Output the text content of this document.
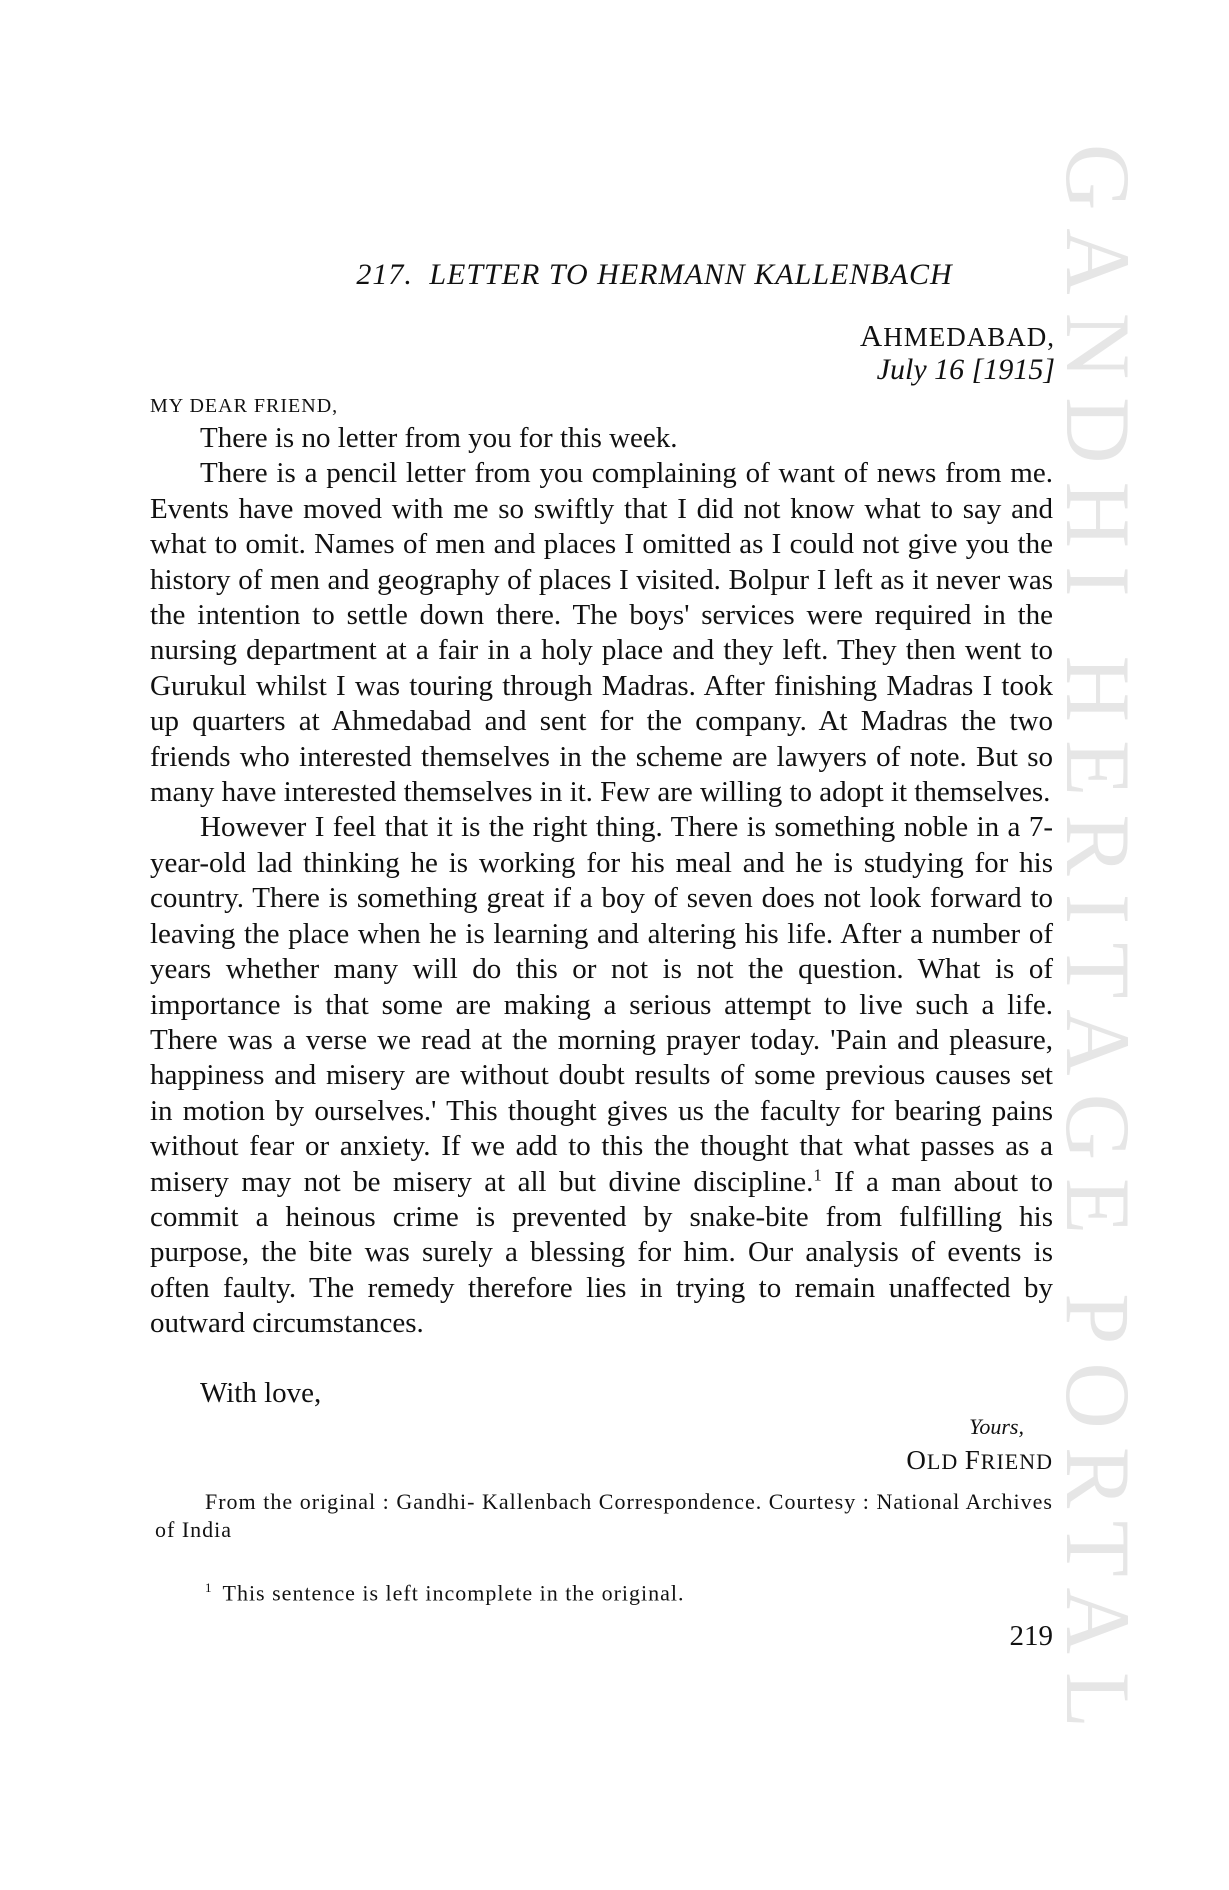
GANDHI HERITAGE PORTAL
217. LETTER TO HERMANN KALLENBACH
AHMEDABAD,
July 16 [1915]
MY DEAR FRIEND,

There is no letter from you for this week.

There is a pencil letter from you complaining of want of news from me. Events have moved with me so swiftly that I did not know what to say and what to omit. Names of men and places I omitted as I could not give you the history of men and geography of places I visited. Bolpur I left as it never was the intention to settle down there. The boys' services were required in the nursing department at a fair in a holy place and they left. They then went to Gurukul whilst I was touring through Madras. After finishing Madras I took up quarters at Ahmedabad and sent for the company. At Madras the two friends who interested themselves in the scheme are lawyers of note. But so many have interested themselves in it. Few are willing to adopt it themselves.

However I feel that it is the right thing. There is something noble in a 7-year-old lad thinking he is working for his meal and he is studying for his country. There is something great if a boy of seven does not look forward to leaving the place when he is learning and altering his life. After a number of years whether many will do this or not is not the question. What is of importance is that some are making a serious attempt to live such a life. There was a verse we read at the morning prayer today. 'Pain and pleasure, happiness and misery are without doubt results of some previous causes set in motion by ourselves.' This thought gives us the faculty for bearing pains without fear or anxiety. If we add to this the thought that what passes as a misery may not be misery at all but divine discipline.$^1$ If a man about to commit a heinous crime is prevented by snake-bite from fulfilling his purpose, the bite was surely a blessing for him. Our analysis of events is often faulty. The remedy therefore lies in trying to remain unaffected by outward circumstances.

With love,
Yours,
OLD FRIEND
From the original : Gandhi- Kallenbach Correspondence. Courtesy : National Archives of India
$^1$ This sentence is left incomplete in the original.
219
